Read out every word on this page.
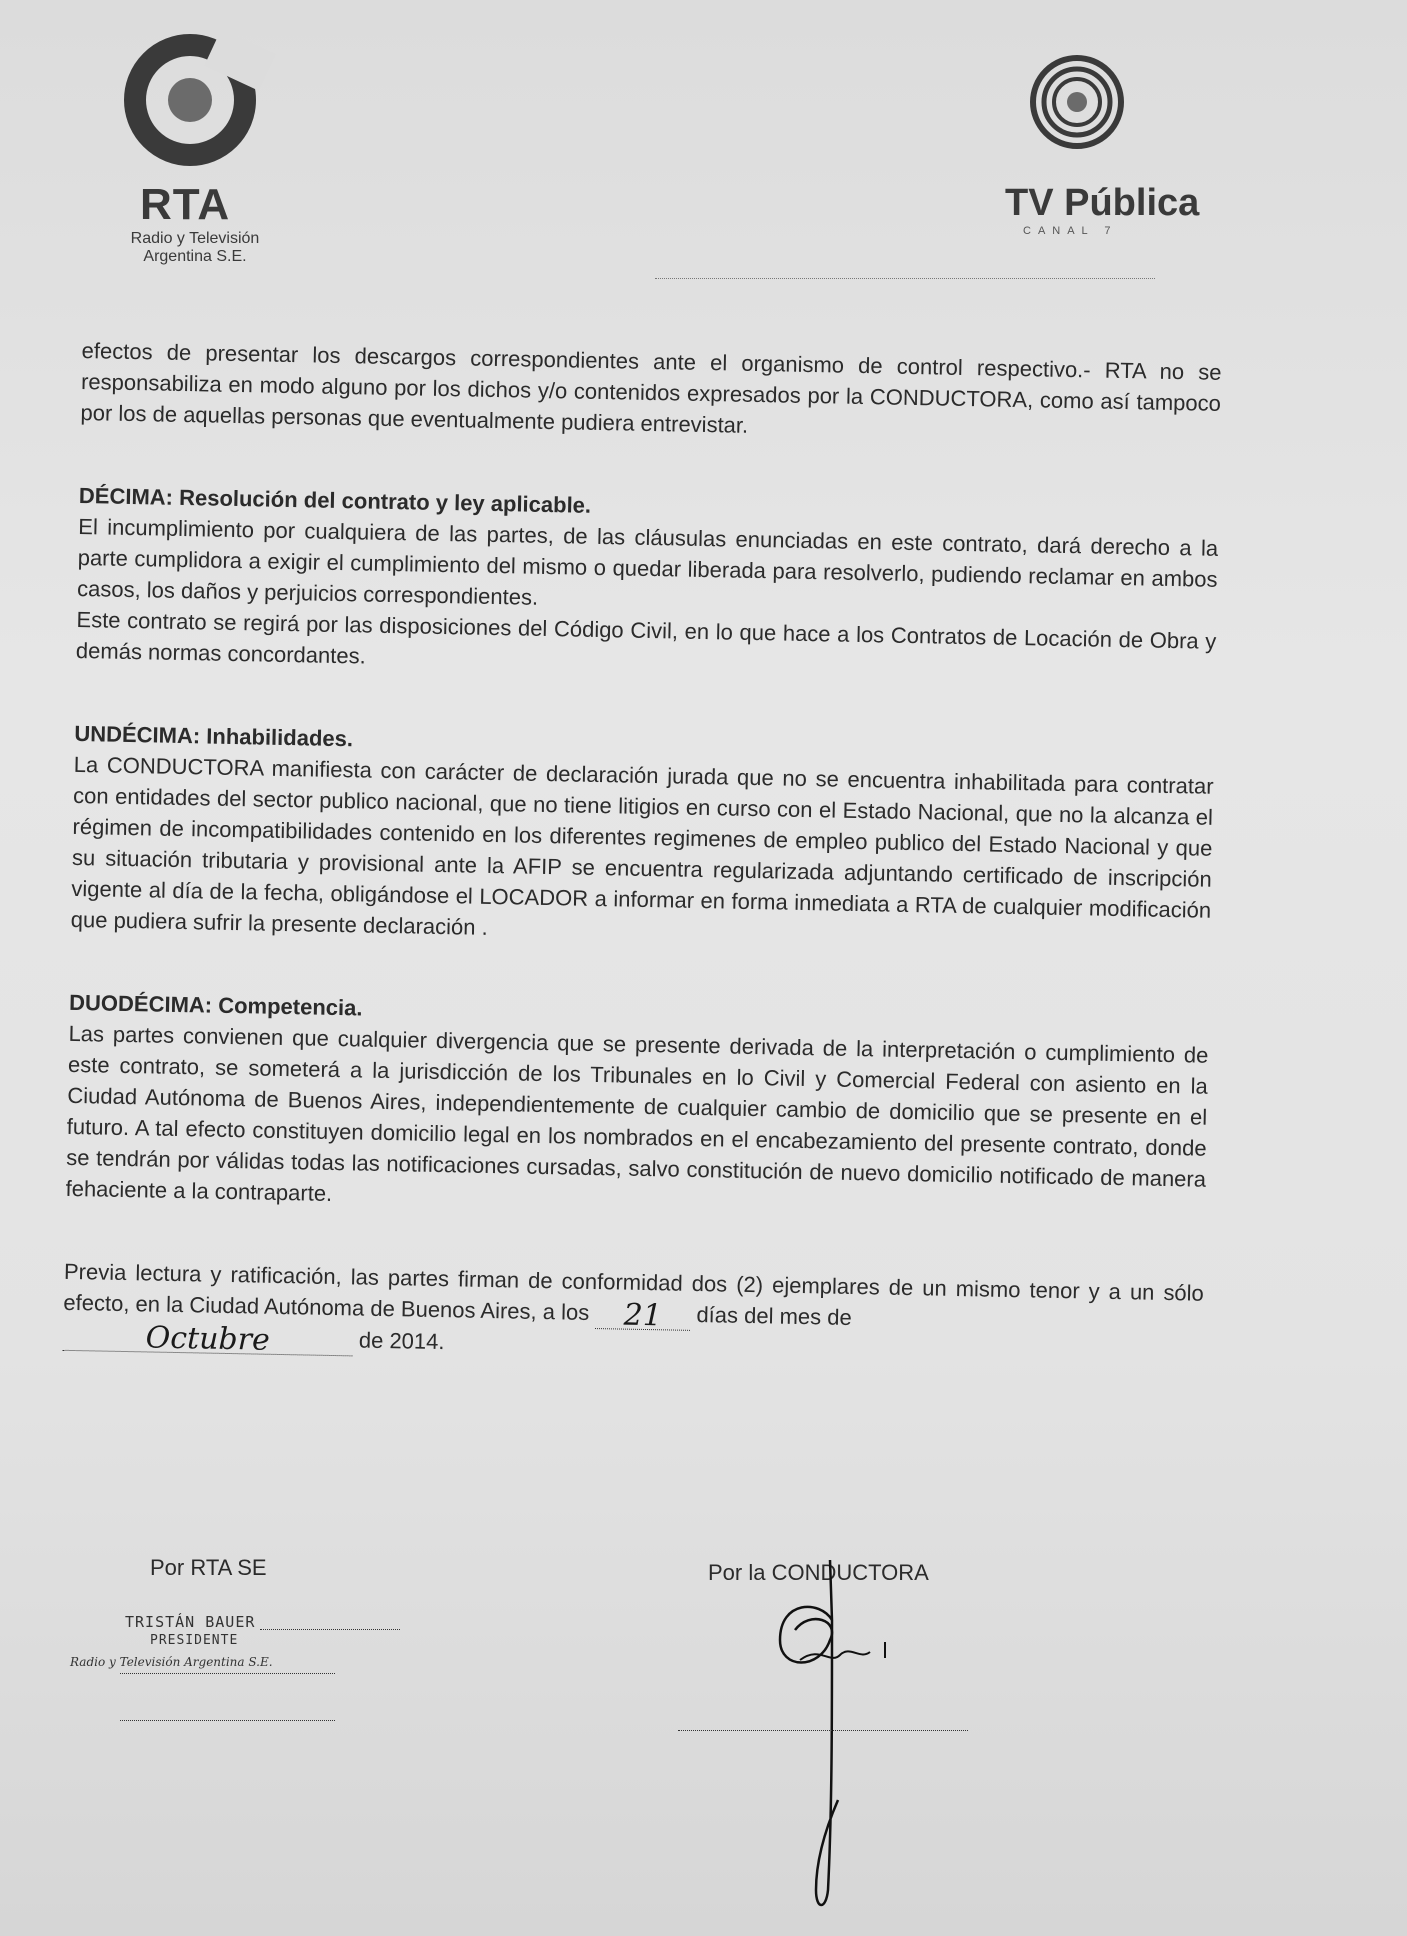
RTA
Radio y Televisión
Argentina S.E.
TV Pública
CANAL 7

efectos de presentar los descargos correspondientes ante el organismo de control respectivo.- RTA no se responsabiliza en modo alguno por los dichos y/o contenidos expresados por la CONDUCTORA, como así tampoco por los de aquellas personas que eventualmente pudiera entrevistar.

DÉCIMA: Resolución del contrato y ley aplicable.

El incumplimiento por cualquiera de las partes, de las cláusulas enunciadas en este contrato, dará derecho a la parte cumplidora a exigir el cumplimiento del mismo o quedar liberada para resolverlo, pudiendo reclamar en ambos casos, los daños y perjuicios correspondientes.

Este contrato se regirá por las disposiciones del Código Civil, en lo que hace a los Contratos de Locación de Obra y demás normas concordantes.

UNDÉCIMA: Inhabilidades.

La CONDUCTORA manifiesta con carácter de declaración jurada que no se encuentra inhabilitada para contratar con entidades del sector publico nacional, que no tiene litigios en curso con el Estado Nacional, que no la alcanza el régimen de incompatibilidades contenido en los diferentes regimenes de empleo publico del Estado Nacional y que su situación tributaria y provisional ante la AFIP se encuentra regularizada adjuntando certificado de inscripción vigente al día de la fecha, obligándose el LOCADOR a informar en forma inmediata a RTA de cualquier modificación que pudiera sufrir la presente declaración .

DUODÉCIMA: Competencia.

Las partes convienen que cualquier divergencia que se presente derivada de la interpretación o cumplimiento de este contrato, se someterá a la jurisdicción de los Tribunales en lo Civil y Comercial Federal con asiento en la Ciudad Autónoma de Buenos Aires, independientemente de cualquier cambio de domicilio que se presente en el futuro. A tal efecto constituyen domicilio legal en los nombrados en el encabezamiento del presente contrato, donde se tendrán por válidas todas las notificaciones cursadas, salvo constitución de nuevo domicilio notificado de manera fehaciente a la contraparte.

Previa lectura y ratificación, las partes firman de conformidad dos (2) ejemplares de un mismo tenor y a un sólo efecto, en la Ciudad Autónoma de Buenos Aires, a los	21	días del mes de

Octubre	de 2014.

Por RTA SE
TRISTÁN BAUER
PRESIDENTE
Radio y Televisión Argentina S.E.
Por la CONDUCTORA
